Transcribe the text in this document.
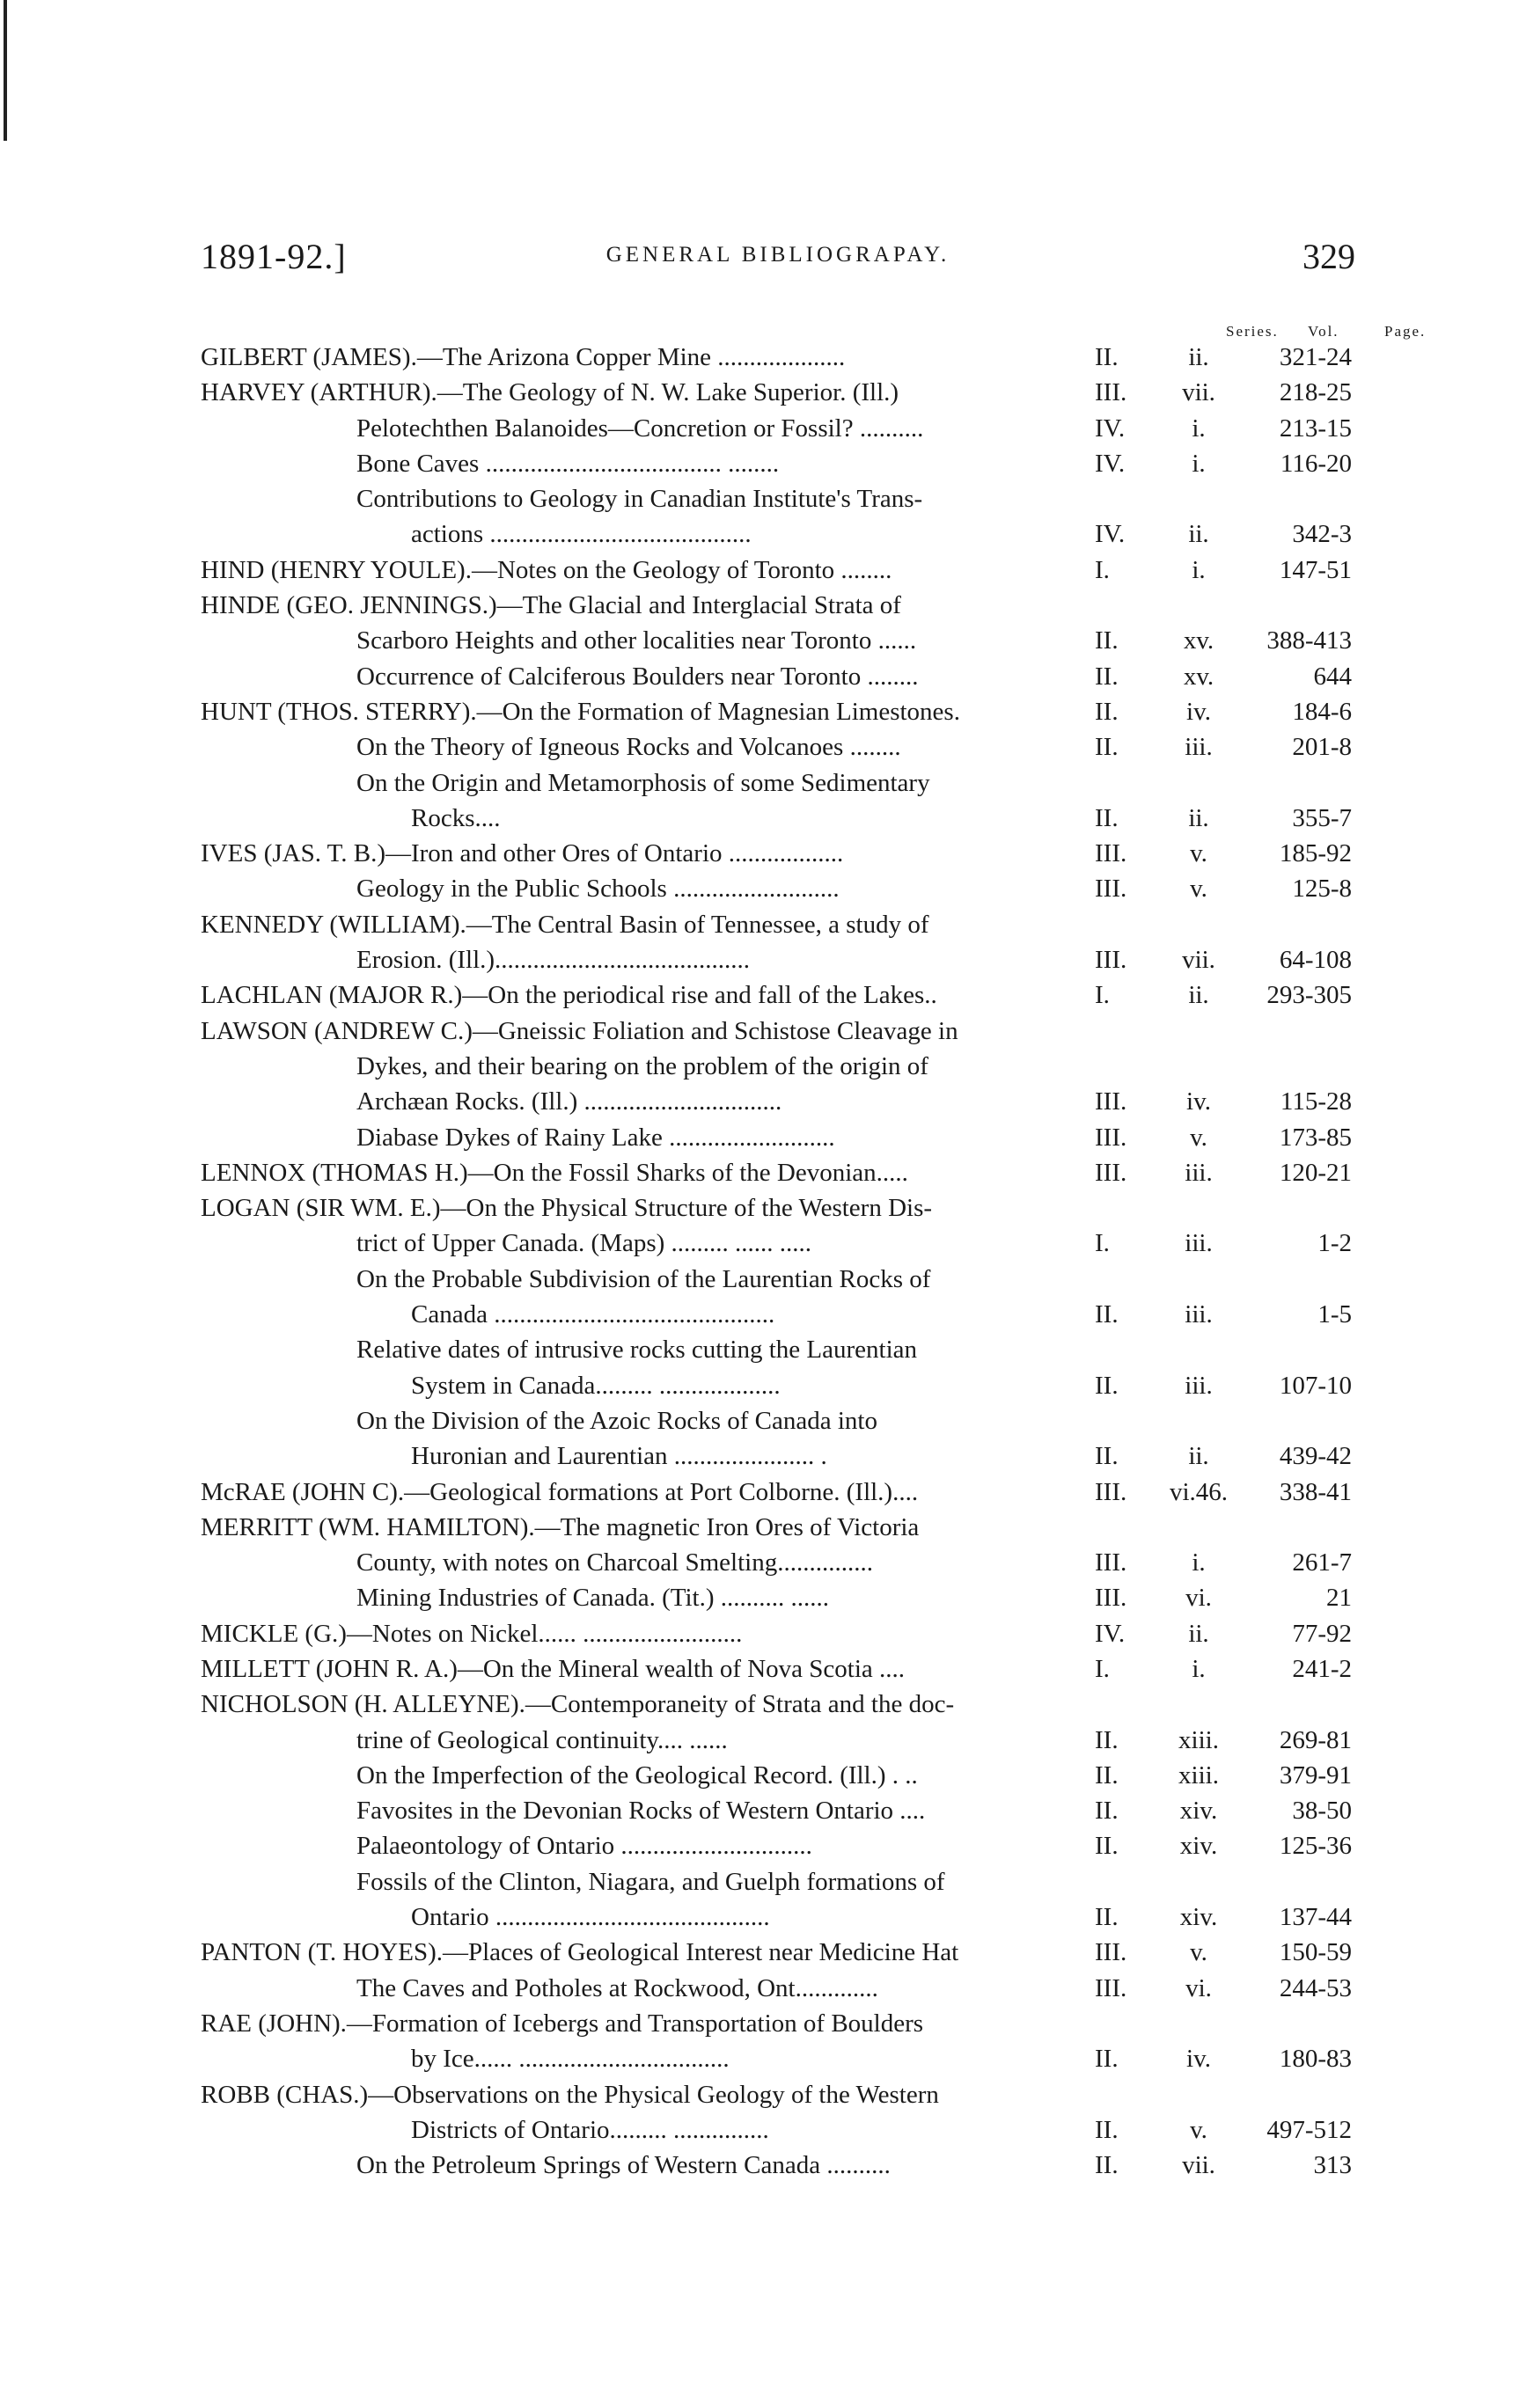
1891-92.]	GENERAL BIBLIOGRAPAY.	329
Series. Vol.	Page.
GILBERT (JAMES).—The Arizona Copper Mine ....................	II.	ii.	321-24
HARVEY (ARTHUR).—The Geology of N. W. Lake Superior. (Ill.)	III.	vii.	218-25
Pelotechthen Balanoides—Concretion or Fossil? ..........	IV.	i.	213-15
Bone Caves ..................................... ........	IV.	i.	116-20
Contributions to Geology in Canadian Institute's Trans-
actions .........................................	IV.	ii.	342-3
HIND (HENRY YOULE).—Notes on the Geology of Toronto ........	I.	i.	147-51
HINDE (GEO. JENNINGS.)—The Glacial and Interglacial Strata of
Scarboro Heights and other localities near Toronto ......	II.	xv.	388-413
Occurrence of Calciferous Boulders near Toronto ........	II.	xv.	644
HUNT (THOS. STERRY).—On the Formation of Magnesian Limestones.	II.	iv.	184-6
On the Theory of Igneous Rocks and Volcanoes ........	II.	iii.	201-8
On the Origin and Metamorphosis of some Sedimentary
Rocks....	II.	ii.	355-7
IVES (JAS. T. B.)—Iron and other Ores of Ontario ..................	III.	v.	185-92
Geology in the Public Schools ..........................	III.	v.	125-8
KENNEDY (WILLIAM).—The Central Basin of Tennessee, a study of
Erosion. (Ill.)........................................	III.	vii.	64-108
LACHLAN (MAJOR R.)—On the periodical rise and fall of the Lakes..	I.	ii.	293-305
LAWSON (ANDREW C.)—Gneissic Foliation and Schistose Cleavage in
Dykes, and their bearing on the problem of the origin of
Archæan Rocks. (Ill.) ...............................	III.	iv.	115-28
Diabase Dykes of Rainy Lake ..........................	III.	v.	173-85
LENNOX (THOMAS H.)—On the Fossil Sharks of the Devonian.....	III.	iii.	120-21
LOGAN (SIR WM. E.)—On the Physical Structure of the Western Dis-
trict of Upper Canada. (Maps) ......... ...... .....	I.	iii.	1-2
On the Probable Subdivision of the Laurentian Rocks of
Canada ............................................	II.	iii.	1-5
Relative dates of intrusive rocks cutting the Laurentian
System in Canada......... ...................	II.	iii.	107-10
On the Division of the Azoic Rocks of Canada into
Huronian and Laurentian ...................... .	II.	ii.	439-42
McRAE (JOHN C).—Geological formations at Port Colborne. (Ill.)....	III.	vi.46.	338-41
MERRITT (WM. HAMILTON).—The magnetic Iron Ores of Victoria
County, with notes on Charcoal Smelting...............	III.	i.	261-7
Mining Industries of Canada. (Tit.) .......... ......	III.	vi.	21
MICKLE (G.)—Notes on Nickel...... .........................	IV.	ii.	77-92
MILLETT (JOHN R. A.)—On the Mineral wealth of Nova Scotia ....	I.	i.	241-2
NICHOLSON (H. ALLEYNE).—Contemporaneity of Strata and the doc-
trine of Geological continuity.... ......	II.	xiii.	269-81
On the Imperfection of the Geological Record. (Ill.) . ..	II.	xiii.	379-91
Favosites in the Devonian Rocks of Western Ontario ....	II.	xiv.	38-50
Palaeontology of Ontario ..............................	II.	xiv.	125-36
Fossils of the Clinton, Niagara, and Guelph formations of
Ontario ...........................................	II.	xiv.	137-44
PANTON (T. HOYES).—Places of Geological Interest near Medicine Hat	III.	v.	150-59
The Caves and Potholes at Rockwood, Ont.............	III.	vi.	244-53
RAE (JOHN).—Formation of Icebergs and Transportation of Boulders
by Ice...... .................................	II.	iv.	180-83
ROBB (CHAS.)—Observations on the Physical Geology of the Western
Districts of Ontario......... ...............	II.	v.	497-512
On the Petroleum Springs of Western Canada ..........	II.	vii.	313
